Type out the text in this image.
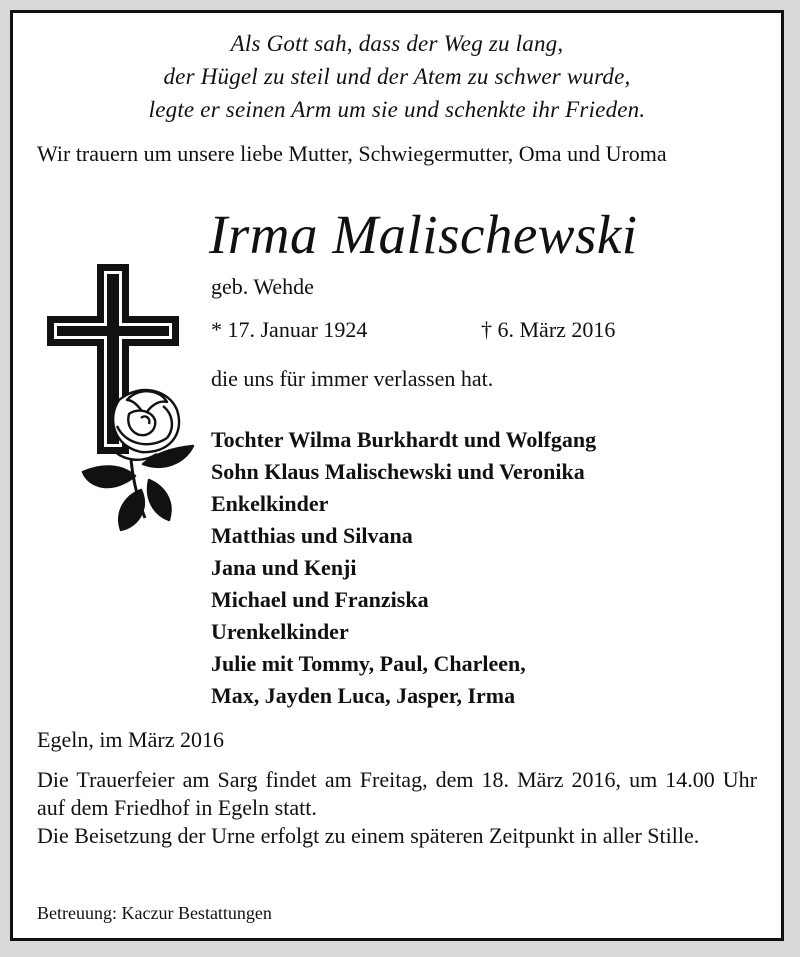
Als Gott sah, dass der Weg zu lang,
der Hügel zu steil und der Atem zu schwer wurde,
legte er seinen Arm um sie und schenkte ihr Frieden.
Wir trauern um unsere liebe Mutter, Schwiegermutter, Oma und Uroma
Irma Malischewski
geb. Wehde
* 17. Januar 1924	† 6. März 2016
die uns für immer verlassen hat.
Tochter Wilma Burkhardt und Wolfgang
Sohn Klaus Malischewski und Veronika
Enkelkinder
Matthias und Silvana
Jana und Kenji
Michael und Franziska
Urenkelkinder
Julie mit Tommy, Paul, Charleen,
Max, Jayden Luca, Jasper, Irma
Egeln, im März 2016

Die Trauerfeier am Sarg findet am Freitag, dem 18. März 2016, um 14.00 Uhr auf dem Friedhof in Egeln statt.

Die Beisetzung der Urne erfolgt zu einem späteren Zeitpunkt in aller Stille.

Betreuung: Kaczur Bestattungen
